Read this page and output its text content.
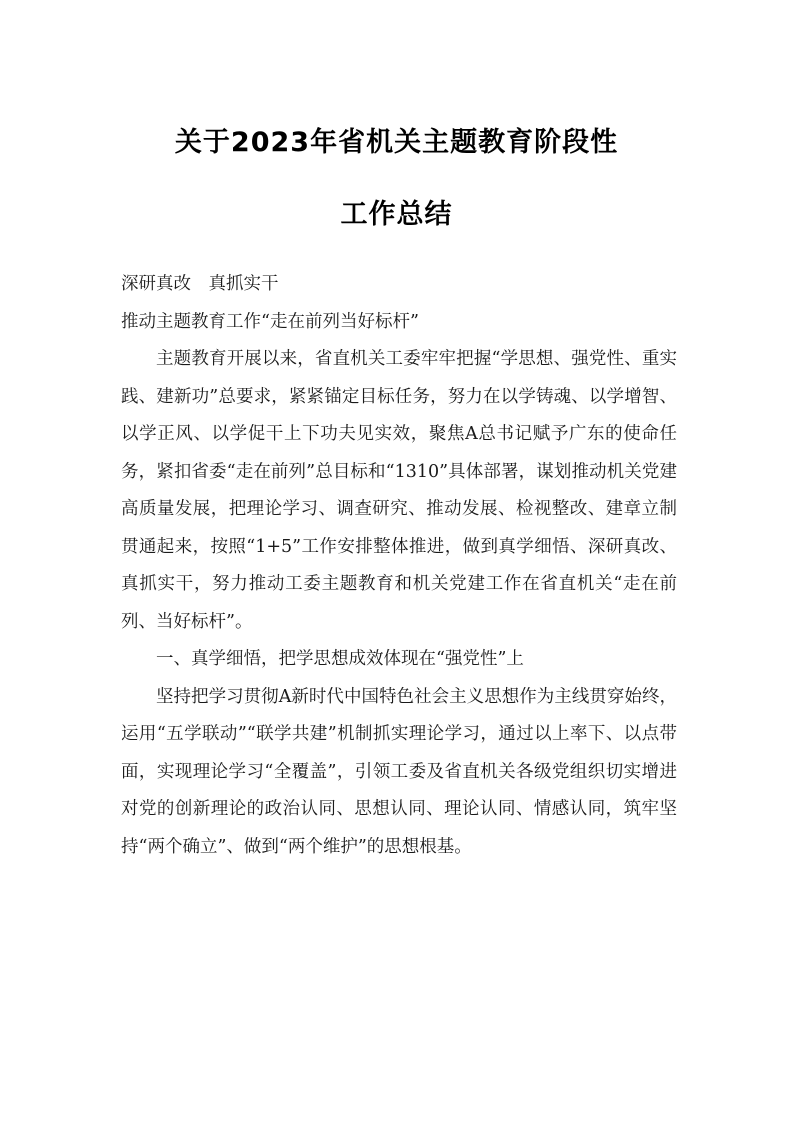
关于2023年省机关主题教育阶段性
工作总结

深研真改　真抓实干

推动主题教育工作“走在前列当好标杆”

主题教育开展以来，省直机关工委牢牢把握“学思想、强党性、重实践、建新功”总要求，紧紧锚定目标任务，努力在以学铸魂、以学增智、以学正风、以学促干上下功夫见实效，聚焦A总书记赋予广东的使命任务，紧扣省委“走在前列”总目标和“1310”具体部署，谋划推动机关党建高质量发展，把理论学习、调查研究、推动发展、检视整改、建章立制贯通起来，按照“1+5”工作安排整体推进，做到真学细悟、深研真改、真抓实干，努力推动工委主题教育和机关党建工作在省直机关“走在前列、当好标杆”。

一、真学细悟，把学思想成效体现在“强党性”上

坚持把学习贯彻A新时代中国特色社会主义思想作为主线贯穿始终，运用“五学联动”“联学共建”机制抓实理论学习，通过以上率下、以点带面，实现理论学习“全覆盖”，引领工委及省直机关各级党组织切实增进对党的创新理论的政治认同、思想认同、理论认同、情感认同，筑牢坚持“两个确立”、做到“两个维护”的思想根基。
